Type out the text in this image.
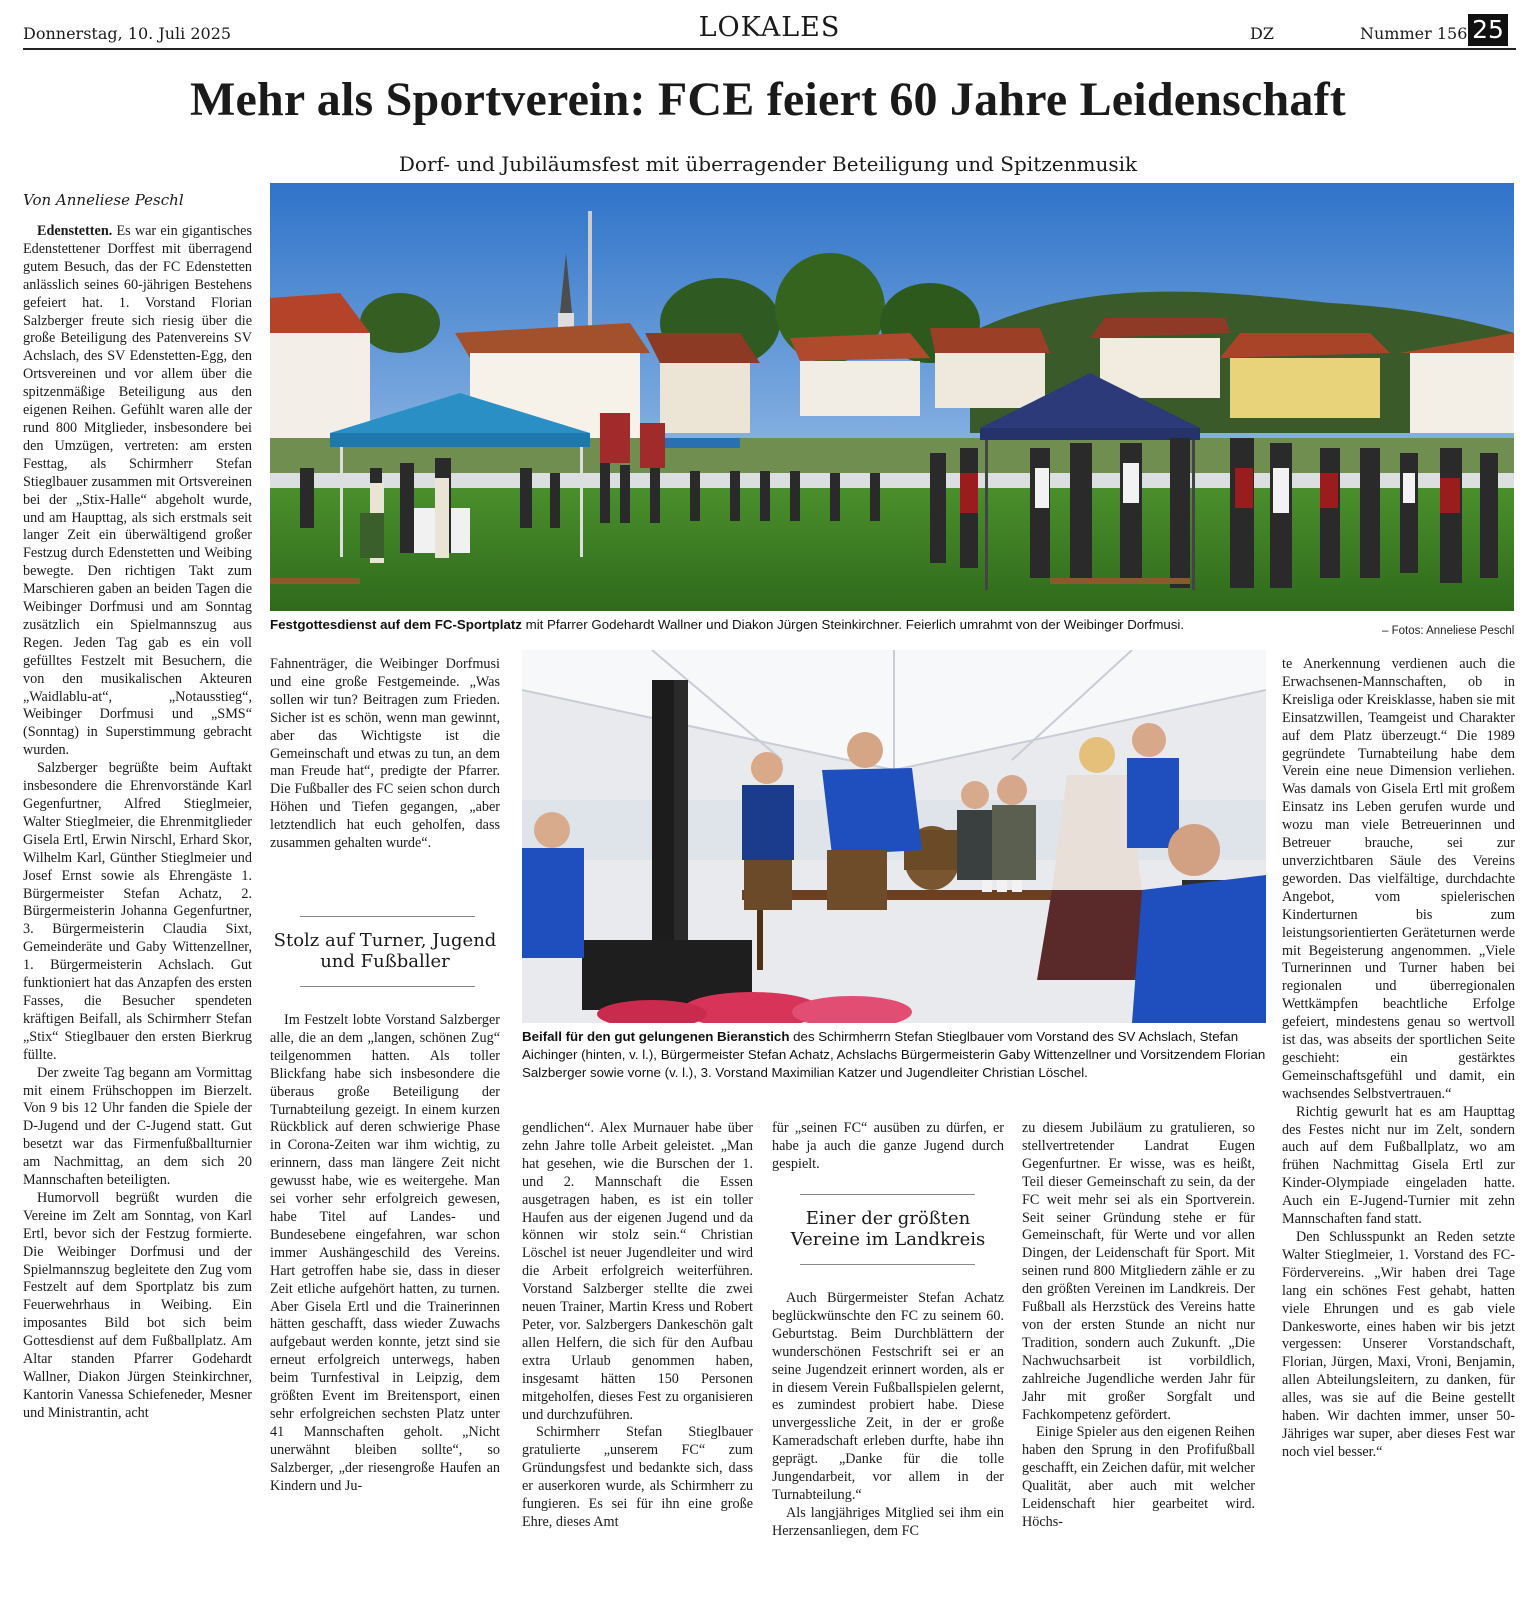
Donnerstag, 10. Juli 2025	LOKALES	DZ	Nummer 156 25
Mehr als Sportverein: FCE feiert 60 Jahre Leidenschaft
Dorf- und Jubiläumsfest mit überragender Beteiligung und Spitzenmusik
Von Anneliese Peschl

Edenstetten. Es war ein gigantisches Edenstettener Dorffest mit überragend gutem Besuch, das der FC Edenstetten anlässlich seines 60-jährigen Bestehens gefeiert hat. 1. Vorstand Florian Salzberger freute sich riesig über die große Beteiligung des Patenvereins SV Achslach, des SV Edenstetten-Egg, den Ortsvereinen und vor allem über die spitzenmäßige Beteiligung aus den eigenen Reihen. Gefühlt waren alle der rund 800 Mitglieder, insbesondere bei den Umzügen, vertreten: am ersten Festtag, als Schirmherr Stefan Stieglbauer zusammen mit Ortsvereinen bei der „Stix-Halle“ abgeholt wurde, und am Haupttag, als sich erstmals seit langer Zeit ein überwältigend großer Festzug durch Edenstetten und Weibing bewegte. Den richtigen Takt zum Marschieren gaben an beiden Tagen die Weibinger Dorfmusi und am Sonntag zusätzlich ein Spielmannszug aus Regen. Jeden Tag gab es ein voll gefülltes Festzelt mit Besuchern, die von den musikalischen Akteuren „Waidlablu-at“, „Notausstieg“, Weibinger Dorfmusi und „SMS“ (Sonntag) in Superstimmung gebracht wurden.

Salzberger begrüßte beim Auftakt insbesondere die Ehrenvorstände Karl Gegenfurtner, Alfred Stieglmeier, Walter Stieglmeier, die Ehrenmitglieder Gisela Ertl, Erwin Nirschl, Erhard Skor, Wilhelm Karl, Günther Stieglmeier und Josef Ernst sowie als Ehrengäste 1. Bürgermeister Stefan Achatz, 2. Bürgermeisterin Johanna Gegenfurtner, 3. Bürgermeisterin Claudia Sixt, Gemeinderäte und Gaby Wittenzellner, 1. Bürgermeisterin Achslach. Gut funktioniert hat das Anzapfen des ersten Fasses, die Besucher spendeten kräftigen Beifall, als Schirmherr Stefan „Stix“ Stieglbauer den ersten Bierkrug füllte.

Der zweite Tag begann am Vormittag mit einem Frühschoppen im Bierzelt. Von 9 bis 12 Uhr fanden die Spiele der D-Jugend und der C-Jugend statt. Gut besetzt war das Firmenfußballturnier am Nachmittag, an dem sich 20 Mannschaften beteiligten.

Humorvoll begrüßt wurden die Vereine im Zelt am Sonntag, von Karl Ertl, bevor sich der Festzug formierte. Die Weibinger Dorfmusi und der Spielmannszug begleitete den Zug vom Festzelt auf dem Sportplatz bis zum Feuerwehrhaus in Weibing. Ein imposantes Bild bot sich beim Gottesdienst auf dem Fußballplatz. Am Altar standen Pfarrer Godehardt Wallner, Diakon Jürgen Steinkirchner, Kantorin Vanessa Schiefeneder, Mesner und Ministrantin, acht

Festgottesdienst auf dem FC-Sportplatz mit Pfarrer Godehardt Wallner und Diakon Jürgen Steinkirchner. Feierlich umrahmt von der Weibinger Dorfmusi.	– Fotos: Anneliese Peschl

Fahnenträger, die Weibinger Dorfmusi und eine große Festgemeinde. „Was sollen wir tun? Beitragen zum Frieden. Sicher ist es schön, wenn man gewinnt, aber das Wichtigste ist die Gemeinschaft und etwas zu tun, an dem man Freude hat“, predigte der Pfarrer. Die Fußballer des FC seien schon durch Höhen und Tiefen gegangen, „aber letztendlich hat euch geholfen, dass zusammen gehalten wurde“.

Stolz auf Turner, Jugend und Fußballer

Im Festzelt lobte Vorstand Salzberger alle, die an dem „langen, schönen Zug“ teilgenommen hatten. Als toller Blickfang habe sich insbesondere die überaus große Beteiligung der Turnabteilung gezeigt. In einem kurzen Rückblick auf deren schwierige Phase in Corona-Zeiten war ihm wichtig, zu erinnern, dass man längere Zeit nicht gewusst habe, wie es weitergehe. Man sei vorher sehr erfolgreich gewesen, habe Titel auf Landes- und Bundesebene eingefahren, war schon immer Aushängeschild des Vereins. Hart getroffen habe sie, dass in dieser Zeit etliche aufgehört hatten, zu turnen. Aber Gisela Ertl und die Trainerinnen hätten geschafft, dass wieder Zuwachs aufgebaut werden konnte, jetzt sind sie erneut erfolgreich unterwegs, haben beim Turnfestival in Leipzig, dem größten Event im Breitensport, einen sehr erfolgreichen sechsten Platz unter 41 Mannschaften geholt. „Nicht unerwähnt bleiben sollte“, so Salzberger, „der riesengroße Haufen an Kindern und Ju-

Beifall für den gut gelungenen Bieranstich des Schirmherrn Stefan Stieglbauer vom Vorstand des SV Achslach, Stefan Aichinger (hinten, v. l.), Bürgermeister Stefan Achatz, Achslachs Bürgermeisterin Gaby Wittenzellner und Vorsitzendem Florian Salzberger sowie vorne (v. l.), 3. Vorstand Maximilian Katzer und Jugendleiter Christian Löschel.

gendlichen“. Alex Murnauer habe über zehn Jahre tolle Arbeit geleistet. „Man hat gesehen, wie die Burschen der 1. und 2. Mannschaft die Essen ausgetragen haben, es ist ein toller Haufen aus der eigenen Jugend und da können wir stolz sein.“ Christian Löschel ist neuer Jugendleiter und wird die Arbeit erfolgreich weiterführen. Vorstand Salzberger stellte die zwei neuen Trainer, Martin Kress und Robert Peter, vor. Salzbergers Dankeschön galt allen Helfern, die sich für den Aufbau extra Urlaub genommen haben, insgesamt hätten 150 Personen mitgeholfen, dieses Fest zu organisieren und durchzuführen.

Schirmherr Stefan Stieglbauer gratulierte „unserem FC“ zum Gründungsfest und bedankte sich, dass er auserkoren wurde, als Schirmherr zu fungieren. Es sei für ihn eine große Ehre, dieses Amt

für „seinen FC“ ausüben zu dürfen, er habe ja auch die ganze Jugend durch gespielt.

Einer der größten Vereine im Landkreis

Auch Bürgermeister Stefan Achatz beglückwünschte den FC zu seinem 60. Geburtstag. Beim Durchblättern der wunderschönen Festschrift sei er an seine Jugendzeit erinnert worden, als er in diesem Verein Fußballspielen gelernt, es zumindest probiert habe. Diese unvergessliche Zeit, in der er große Kameradschaft erleben durfte, habe ihn geprägt. „Danke für die tolle Jungendarbeit, vor allem in der Turnabteilung.“

Als langjähriges Mitglied sei ihm ein Herzensanliegen, dem FC

zu diesem Jubiläum zu gratulieren, so stellvertretender Landrat Eugen Gegenfurtner. Er wisse, was es heißt, Teil dieser Gemeinschaft zu sein, da der FC weit mehr sei als ein Sportverein. Seit seiner Gründung stehe er für Gemeinschaft, für Werte und vor allen Dingen, der Leidenschaft für Sport. Mit seinen rund 800 Mitgliedern zähle er zu den größten Vereinen im Landkreis. Der Fußball als Herzstück des Vereins hatte von der ersten Stunde an nicht nur Tradition, sondern auch Zukunft. „Die Nachwuchsarbeit ist vorbildlich, zahlreiche Jugendliche werden Jahr für Jahr mit großer Sorgfalt und Fachkompetenz gefördert.

Einige Spieler aus den eigenen Reihen haben den Sprung in den Profifußball geschafft, ein Zeichen dafür, mit welcher Qualität, aber auch mit welcher Leidenschaft hier gearbeitet wird. Höchs-

te Anerkennung verdienen auch die Erwachsenen-Mannschaften, ob in Kreisliga oder Kreisklasse, haben sie mit Einsatzwillen, Teamgeist und Charakter auf dem Platz überzeugt.“ Die 1989 gegründete Turnabteilung habe dem Verein eine neue Dimension verliehen. Was damals von Gisela Ertl mit großem Einsatz ins Leben gerufen wurde und wozu man viele Betreuerinnen und Betreuer brauche, sei zur unverzichtbaren Säule des Vereins geworden. Das vielfältige, durchdachte Angebot, vom spielerischen Kinderturnen bis zum leistungsorientierten Geräteturnen werde mit Begeisterung angenommen. „Viele Turnerinnen und Turner haben bei regionalen und überregionalen Wettkämpfen beachtliche Erfolge gefeiert, mindestens genau so wertvoll ist das, was abseits der sportlichen Seite geschieht: ein gestärktes Gemeinschaftsgefühl und damit, ein wachsendes Selbstvertrauen.“

Richtig gewurlt hat es am Haupttag des Festes nicht nur im Zelt, sondern auch auf dem Fußballplatz, wo am frühen Nachmittag Gisela Ertl zur Kinder-Olympiade eingeladen hatte. Auch ein E-Jugend-Turnier mit zehn Mannschaften fand statt.

Den Schlusspunkt an Reden setzte Walter Stieglmeier, 1. Vorstand des FC-Fördervereins. „Wir haben drei Tage lang ein schönes Fest gehabt, hatten viele Ehrungen und es gab viele Dankesworte, eines haben wir bis jetzt vergessen: Unserer Vorstandschaft, Florian, Jürgen, Maxi, Vroni, Benjamin, allen Abteilungsleitern, zu danken, für alles, was sie auf die Beine gestellt haben. Wir dachten immer, unser 50-Jähriges war super, aber dieses Fest war noch viel besser.“
